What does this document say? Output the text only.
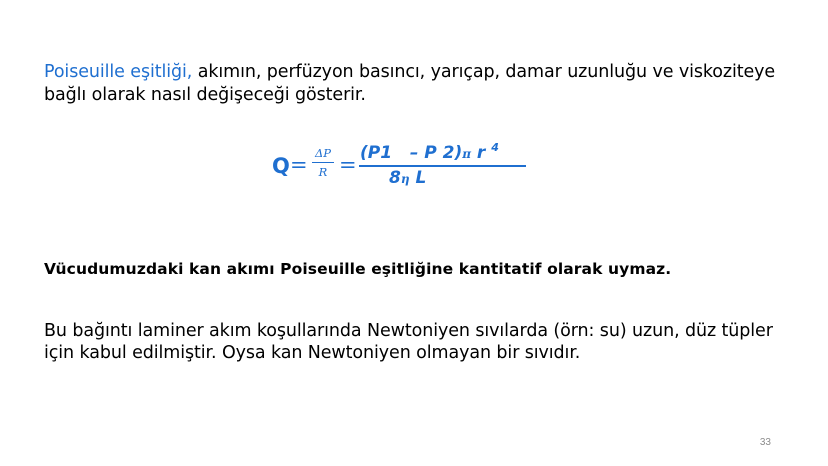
Poiseuille eşitliği, akımın, perfüzyon basıncı, yarıçap, damar uzunluğu ve viskoziteye bağlı olarak nasıl değişeceği gösterir.

Q = ΔP
R = (P1   – P 2)π r $^4$
8η L

Vücudumuzdaki kan akımı Poiseuille eşitliğine kantitatif olarak uymaz.

Bu bağıntı laminer akım koşullarında Newtoniyen sıvılarda (örn: su) uzun, düz tüpler için kabul edilmiştir. Oysa kan Newtoniyen olmayan bir sıvıdır.

33
